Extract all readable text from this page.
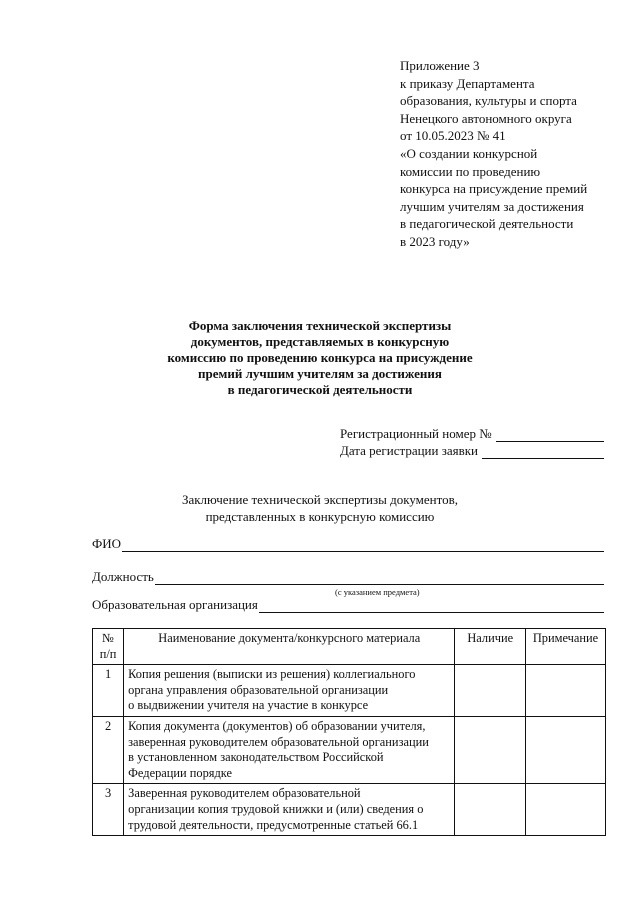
Приложение 3
к приказу Департамента
образования, культуры и спорта
Ненецкого автономного округа
от 10.05.2023 № 41
«О создании конкурсной
комиссии по проведению
конкурса на присуждение премий
лучшим учителям за достижения
в педагогической деятельности
в 2023 году»
Форма заключения технической экспертизы
документов, представляемых в конкурсную
комиссию по проведению конкурса на присуждение
премий лучшим учителям за достижения
в педагогической деятельности
Регистрационный номер №
Дата регистрации заявки
Заключение технической экспертизы документов,
представленных в конкурсную комиссию
ФИО
Должность
(с указанием предмета)
Образовательная организация
№
п/п	Наименование документа/конкурсного материала	Наличие	Примечание
1	Копия решения (выписки из решения) коллегиального
органа управления образовательной организации
о выдвижении учителя на участие в конкурсе		

2	Копия документа (документов) об образовании учителя,
заверенная руководителем образовательной организации
в установленном законодательством Российской
Федерации порядке		

3	Заверенная руководителем образовательной
организации копия трудовой книжки и (или) сведения о
трудовой деятельности, предусмотренные статьей 66.1		
